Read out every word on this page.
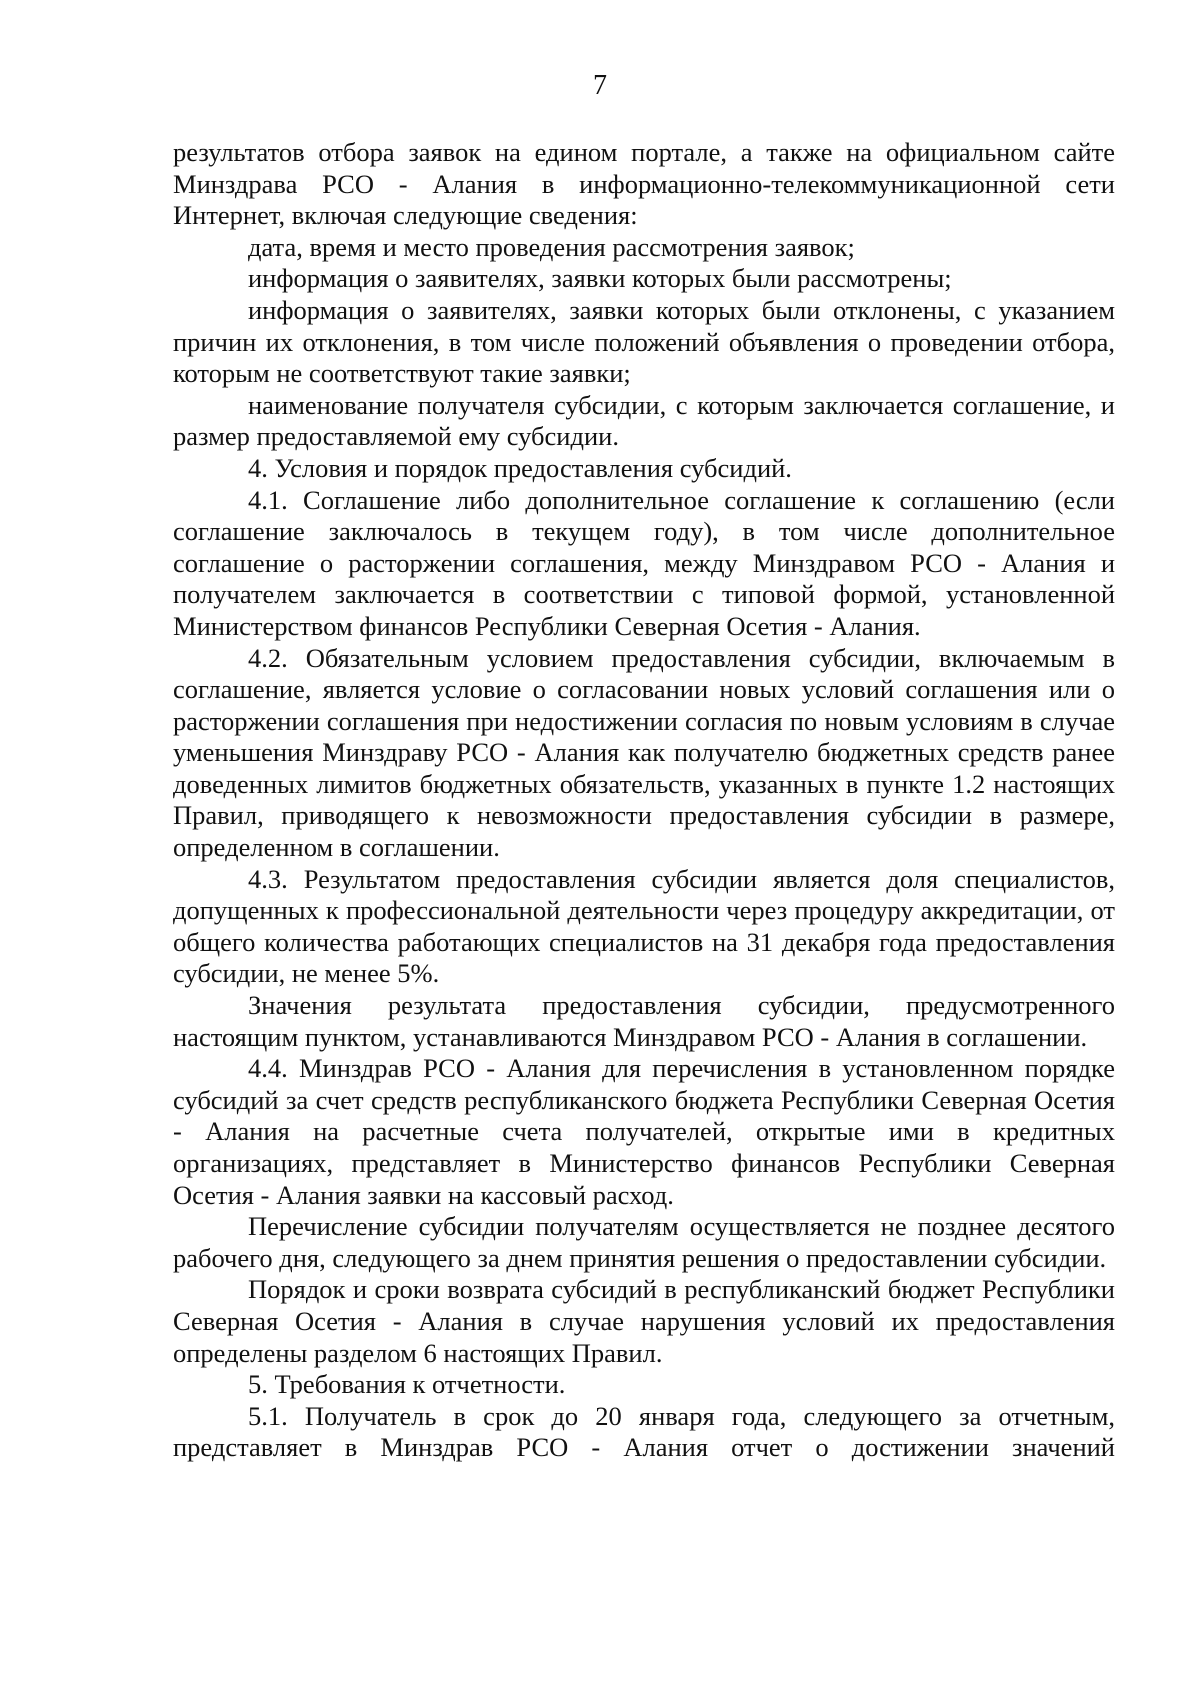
7

результатов отбора заявок на едином портале, а также на официальном сайте Минздрава РСО - Алания в информационно-телекоммуникационной сети Интернет, включая следующие сведения:

дата, время и место проведения рассмотрения заявок;

информация о заявителях, заявки которых были рассмотрены;

информация о заявителях, заявки которых были отклонены, с указанием причин их отклонения, в том числе положений объявления о проведении отбора, которым не соответствуют такие заявки;

наименование получателя субсидии, с которым заключается соглашение, и размер предоставляемой ему субсидии.

4. Условия и порядок предоставления субсидий.

4.1. Соглашение либо дополнительное соглашение к соглашению (если соглашение заключалось в текущем году), в том числе дополнительное соглашение о расторжении соглашения, между Минздравом РСО - Алания и получателем заключается в соответствии с типовой формой, установленной Министерством финансов Республики Северная Осетия - Алания.

4.2. Обязательным условием предоставления субсидии, включаемым в соглашение, является условие о согласовании новых условий соглашения или о расторжении соглашения при недостижении согласия по новым условиям в случае уменьшения Минздраву РСО - Алания как получателю бюджетных средств ранее доведенных лимитов бюджетных обязательств, указанных в пункте 1.2 настоящих Правил, приводящего к невозможности предоставления субсидии в размере, определенном в соглашении.

4.3. Результатом предоставления субсидии является доля специалистов, допущенных к профессиональной деятельности через процедуру аккредитации, от общего количества работающих специалистов на 31 декабря года предоставления субсидии, не менее 5%.

Значения результата предоставления субсидии, предусмотренного настоящим пунктом, устанавливаются Минздравом РСО - Алания в соглашении.

4.4. Минздрав РСО - Алания для перечисления в установленном порядке субсидий за счет средств республиканского бюджета Республики Северная Осетия - Алания на расчетные счета получателей, открытые ими в кредитных организациях, представляет в Министерство финансов Республики Северная Осетия - Алания заявки на кассовый расход.

Перечисление субсидии получателям осуществляется не позднее десятого рабочего дня, следующего за днем принятия решения о предоставлении субсидии.

Порядок и сроки возврата субсидий в республиканский бюджет Республики Северная Осетия - Алания в случае нарушения условий их предоставления определены разделом 6 настоящих Правил.

5. Требования к отчетности.

5.1. Получатель в срок до 20 января года, следующего за отчетным, представляет в Минздрав РСО - Алания отчет о достижении значений
